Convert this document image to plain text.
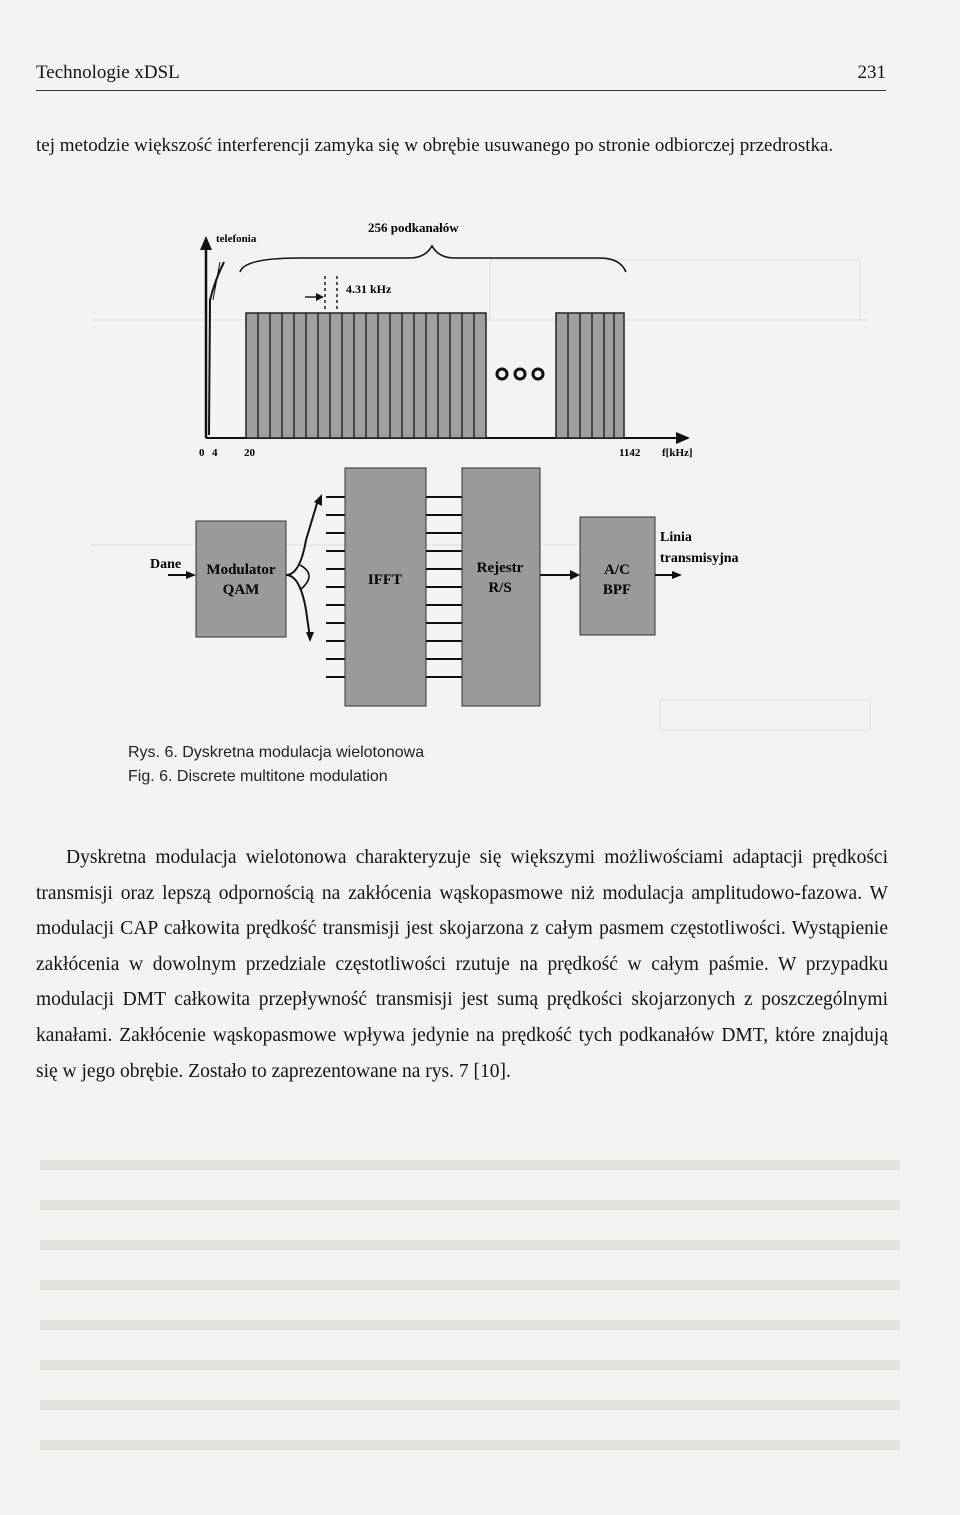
Technologie xDSL	231
tej metodzie większość interferencji zamyka się w obrębie usuwanego po stronie odbiorczej przedrostka.
telefonia
256 podkanałów
4.31 kHz
0 4 20	1142 f[kHz]
Dane Modulator
QAM
IFFT
Rejestr
R/S
A/C
BPF
Linia
transmisyjna
Rys. 6. Dyskretna modulacja wielotonowa
Fig. 6. Discrete multitone modulation
Dyskretna modulacja wielotonowa charakteryzuje się większymi możliwościami adaptacji prędkości transmisji oraz lepszą odpornością na zakłócenia wąskopasmowe niż modulacja amplitudowo-fazowa. W modulacji CAP całkowita prędkość transmisji jest skojarzona z całym pasmem częstotliwości. Wystąpienie zakłócenia w dowolnym przedziale częstotliwości rzutuje na prędkość w całym paśmie. W przypadku modulacji DMT całkowita przepływność transmisji jest sumą prędkości skojarzonych z poszczególnymi kanałami. Zakłócenie wąskopasmowe wpływa jedynie na prędkość tych podkanałów DMT, które znajdują się w jego obrębie. Zostało to zaprezentowane na rys. 7 [10].
